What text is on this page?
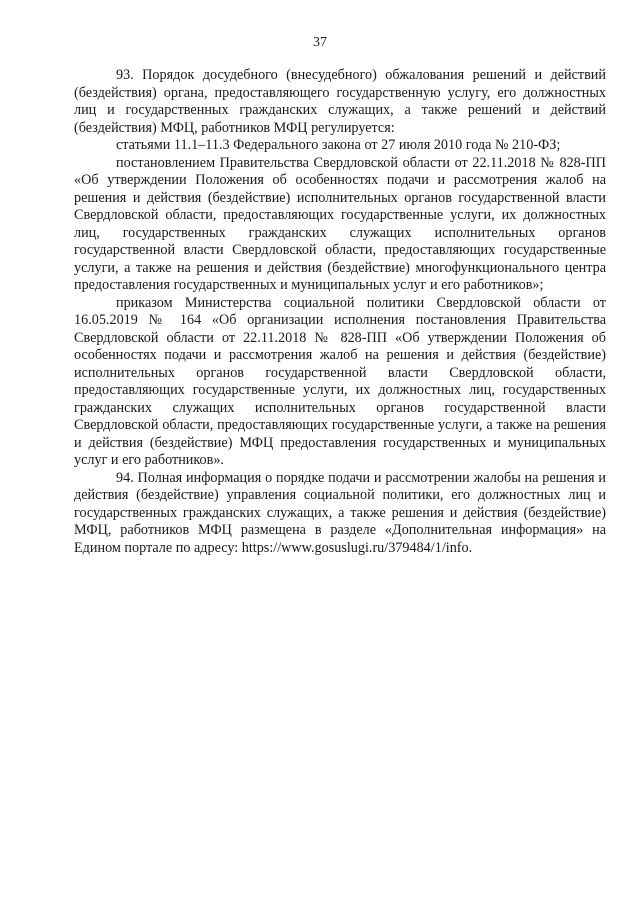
37

93. Порядок досудебного (внесудебного) обжалования решений и действий (бездействия) органа, предоставляющего государственную услугу, его должностных лиц и государственных гражданских служащих, а также решений и действий (бездействия) МФЦ, работников МФЦ регулируется:

статьями 11.1–11.3 Федерального закона от 27 июля 2010 года № 210-ФЗ;

постановлением Правительства Свердловской области от 22.11.2018 № 828-ПП «Об утверждении Положения об особенностях подачи и рассмотрения жалоб на решения и действия (бездействие) исполнительных органов государственной власти Свердловской области, предоставляющих государственные услуги, их должностных лиц, государственных гражданских служащих исполнительных органов государственной власти Свердловской области, предоставляющих государственные услуги, а также на решения и действия (бездействие) многофункционального центра предоставления государственных и муниципальных услуг и его работников»;

приказом Министерства социальной политики Свердловской области от 16.05.2019 № 164 «Об организации исполнения постановления Правительства Свердловской области от 22.11.2018 № 828-ПП «Об утверждении Положения об особенностях подачи и рассмотрения жалоб на решения и действия (бездействие) исполнительных органов государственной власти Свердловской области, предоставляющих государственные услуги, их должностных лиц, государственных гражданских служащих исполнительных органов государственной власти Свердловской области, предоставляющих государственные услуги, а также на решения и действия (бездействие) МФЦ предоставления государственных и муниципальных услуг и его работников».

94. Полная информация о порядке подачи и рассмотрении жалобы на решения и действия (бездействие) управления социальной политики, его должностных лиц и государственных гражданских служащих, а также решения и действия (бездействие) МФЦ, работников МФЦ размещена в разделе «Дополнительная информация» на Едином портале по адресу: https://www.gosuslugi.ru/379484/1/info.
